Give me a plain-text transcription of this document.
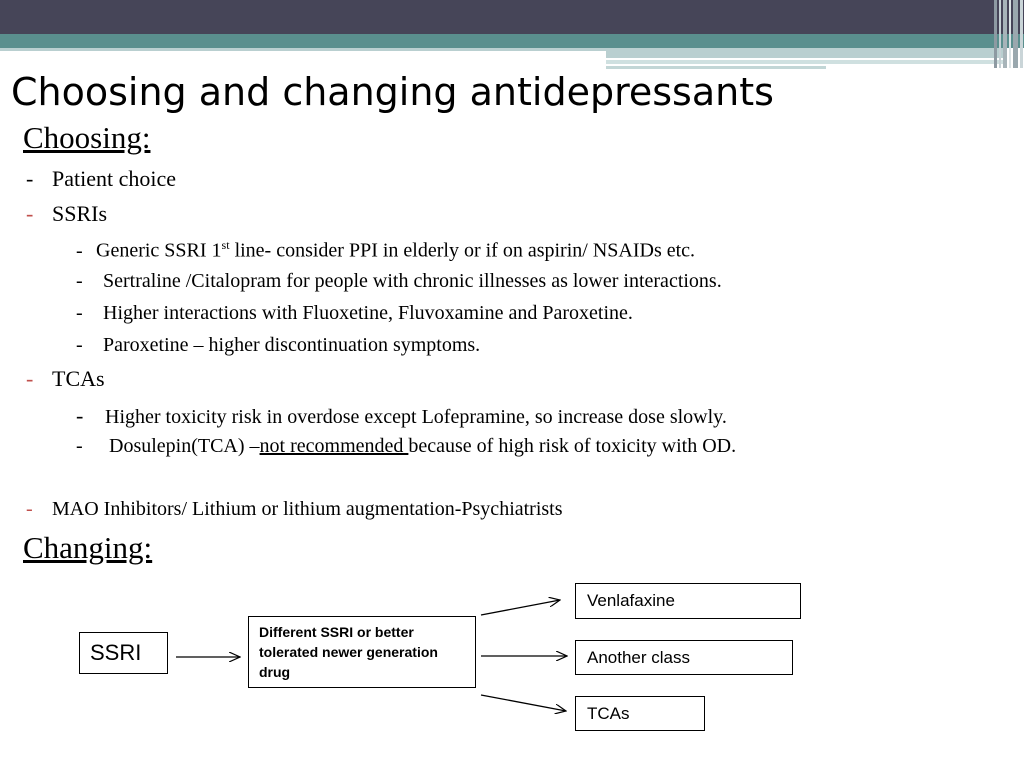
Choosing and changing antidepressants
Choosing:
- Patient choice
- SSRIs
- Generic SSRI 1st line- consider PPI in elderly or if on aspirin/ NSAIDs etc.
- Sertraline /Citalopram for people with chronic illnesses as lower interactions.
- Higher interactions with Fluoxetine, Fluvoxamine and Paroxetine.
- Paroxetine – higher discontinuation symptoms.
- TCAs
- Higher toxicity risk in overdose except Lofepramine, so increase dose slowly.
- Dosulepin(TCA) –not recommended because of high risk of toxicity with OD.
- MAO Inhibitors/ Lithium or lithium augmentation-Psychiatrists
Changing:
SSRI
Different SSRI or better tolerated newer generation drug
Venlafaxine
Another class
TCAs
